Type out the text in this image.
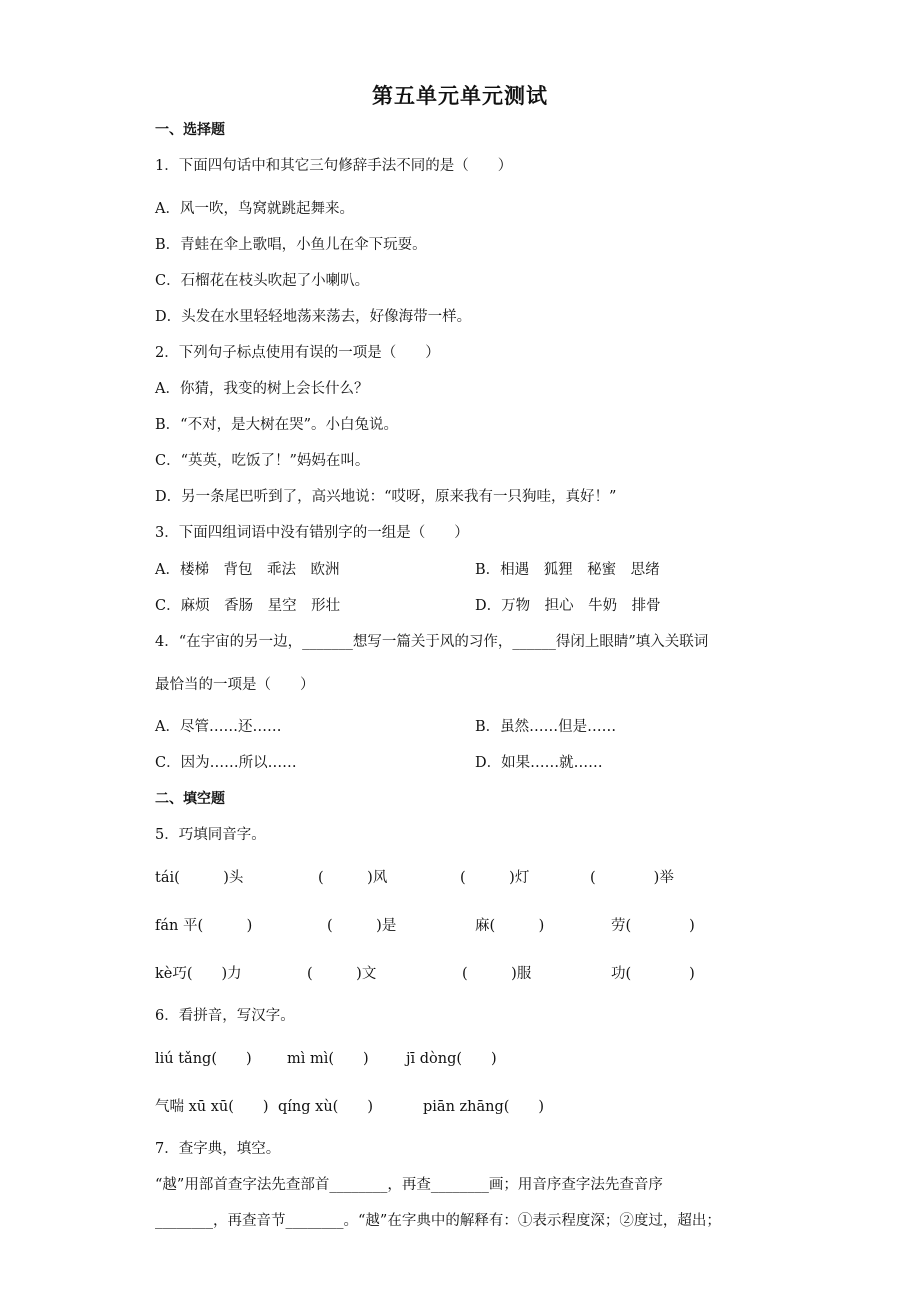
第五单元单元测试
一、选择题
1．下面四句话中和其它三句修辞手法不同的是（　　）
A．风一吹，鸟窝就跳起舞来。
B．青蛙在伞上歌唱，小鱼儿在伞下玩耍。
C．石榴花在枝头吹起了小喇叭。
D．头发在水里轻轻地荡来荡去，好像海带一样。
2．下列句子标点使用有误的一项是（　　）
A．你猜，我变的树上会长什么？
B．“不对，是大树在哭”。小白兔说。
C．“英英，吃饭了！”妈妈在叫。
D．另一条尾巴听到了，高兴地说：“哎呀，原来我有一只狗哇，真好！”
3．下面四组词语中没有错别字的一组是（　　）
A．楼梯　背包　乖法　欧洲	B．相遇　狐狸　秘蜜　思绪
C．麻烦　香肠　星空　形壮	D．万物　担心　牛奶　排骨
4．“在宇宙的另一边，_______想写一篇关于风的习作，______得闭上眼睛”填入关联词
最恰当的一项是（　　）
A．尽管……还……	B．虽然……但是……
C．因为……所以……	D．如果……就……
二、填空题
5．巧填同音字。
tái(　　　)头	(　　　)风	(　　　)灯	(　　　　)举
fán 平(　　　)	(　　　)是	麻(　　　)	劳(　　　　)
kè巧(　　)力	(　　　)文	(　　　)服	功(　　　　)
6．看拼音，写汉字。
liú tǎng(　　) mì mì(　　)	jī dòng(　　)
气喘 xū xū(　　) qíng xù(　　)	piān zhāng(　　)
7．查字典，填空。
“越”用部首查字法先查部首________，再查________画；用音序查字法先查音序
________，再查音节________。“越”在字典中的解释有：①表示程度深；②度过，超出；
